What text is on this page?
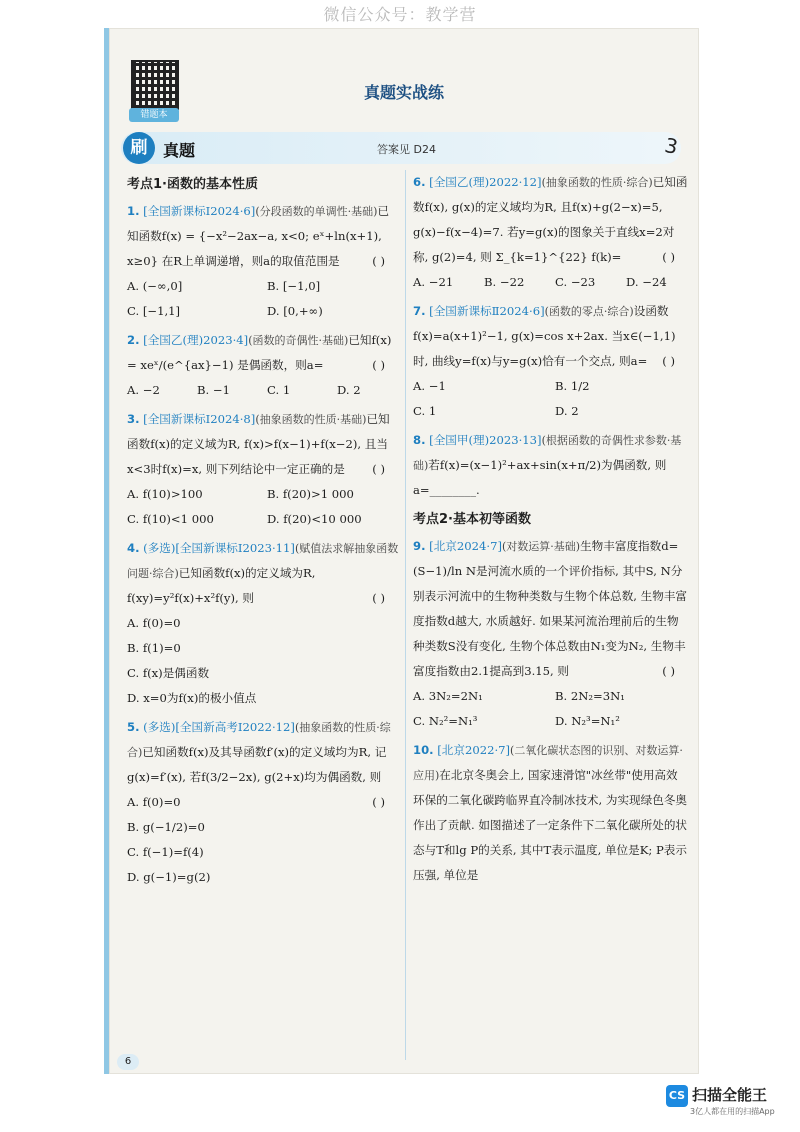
微信公众号：教学营
错题本
真题实战练
刷 真题	答案见 D24	3
考点1·函数的基本性质
1. [全国新课标Ⅰ2024·6](分段函数的单调性·基础)已知函数f(x) = {−x²−2ax−a, x<0; eˣ+ln(x+1), x≥0} 在R上单调递增，则a的取值范围是	( )
A. (−∞,0]	B. [−1,0]
C. [−1,1]	D. [0,+∞)
2. [全国乙(理)2023·4](函数的奇偶性·基础)已知f(x) = xeˣ/(e^{ax}−1) 是偶函数，则a=	( )
A. −2	B. −1	C. 1	D. 2
3. [全国新课标Ⅰ2024·8](抽象函数的性质·基础)已知函数f(x)的定义域为R, f(x)>f(x−1)+f(x−2), 且当x<3时f(x)=x, 则下列结论中一定正确的是 ( )
A. f(10)>100	B. f(20)>1 000
C. f(10)<1 000	D. f(20)<10 000
4. (多选)[全国新课标Ⅰ2023·11](赋值法求解抽象函数问题·综合)已知函数f(x)的定义域为R, f(xy)=y²f(x)+x²f(y), 则	( )
A. f(0)=0
B. f(1)=0
C. f(x)是偶函数
D. x=0为f(x)的极小值点
5. (多选)[全国新高考Ⅰ2022·12](抽象函数的性质·综合)已知函数f(x)及其导函数f′(x)的定义域均为R, 记g(x)=f′(x), 若f(3/2−2x), g(2+x)均为偶函数, 则
( )
A. f(0)=0
B. g(−1/2)=0
C. f(−1)=f(4)
D. g(−1)=g(2)
6. [全国乙(理)2022·12](抽象函数的性质·综合)已知函数f(x), g(x)的定义域均为R, 且f(x)+g(2−x)=5, g(x)−f(x−4)=7. 若y=g(x)的图象关于直线x=2对称, g(2)=4, 则 Σ_{k=1}^{22} f(k)=	( )
A. −21	B. −22	C. −23	D. −24
7. [全国新课标Ⅱ2024·6](函数的零点·综合)设函数f(x)=a(x+1)²−1, g(x)=cos x+2ax. 当x∈(−1,1)时, 曲线y=f(x)与y=g(x)恰有一个交点, 则a= ( )
A. −1	B. 1/2
C. 1	D. 2
8. [全国甲(理)2023·13](根据函数的奇偶性求参数·基础)若f(x)=(x−1)²+ax+sin(x+π/2)为偶函数, 则a=________.
考点2·基本初等函数
9. [北京2024·7](对数运算·基础)生物丰富度指数d=(S−1)/ln N是河流水质的一个评价指标, 其中S, N分别表示河流中的生物种类数与生物个体总数, 生物丰富度指数d越大, 水质越好. 如果某河流治理前后的生物种类数S没有变化, 生物个体总数由N₁变为N₂, 生物丰富度指数由2.1提高到3.15, 则	( )
A. 3N₂=2N₁	B. 2N₂=3N₁
C. N₂²=N₁³	D. N₂³=N₁²
10. [北京2022·7](二氧化碳状态图的识别、对数运算·应用)在北京冬奥会上, 国家速滑馆"冰丝带"使用高效环保的二氧化碳跨临界直冷制冰技术, 为实现绿色冬奥作出了贡献. 如图描述了一定条件下二氧化碳所处的状态与T和lg P的关系, 其中T表示温度, 单位是K; P表示压强, 单位是
6
CS 扫描全能王
3亿人都在用的扫描App
